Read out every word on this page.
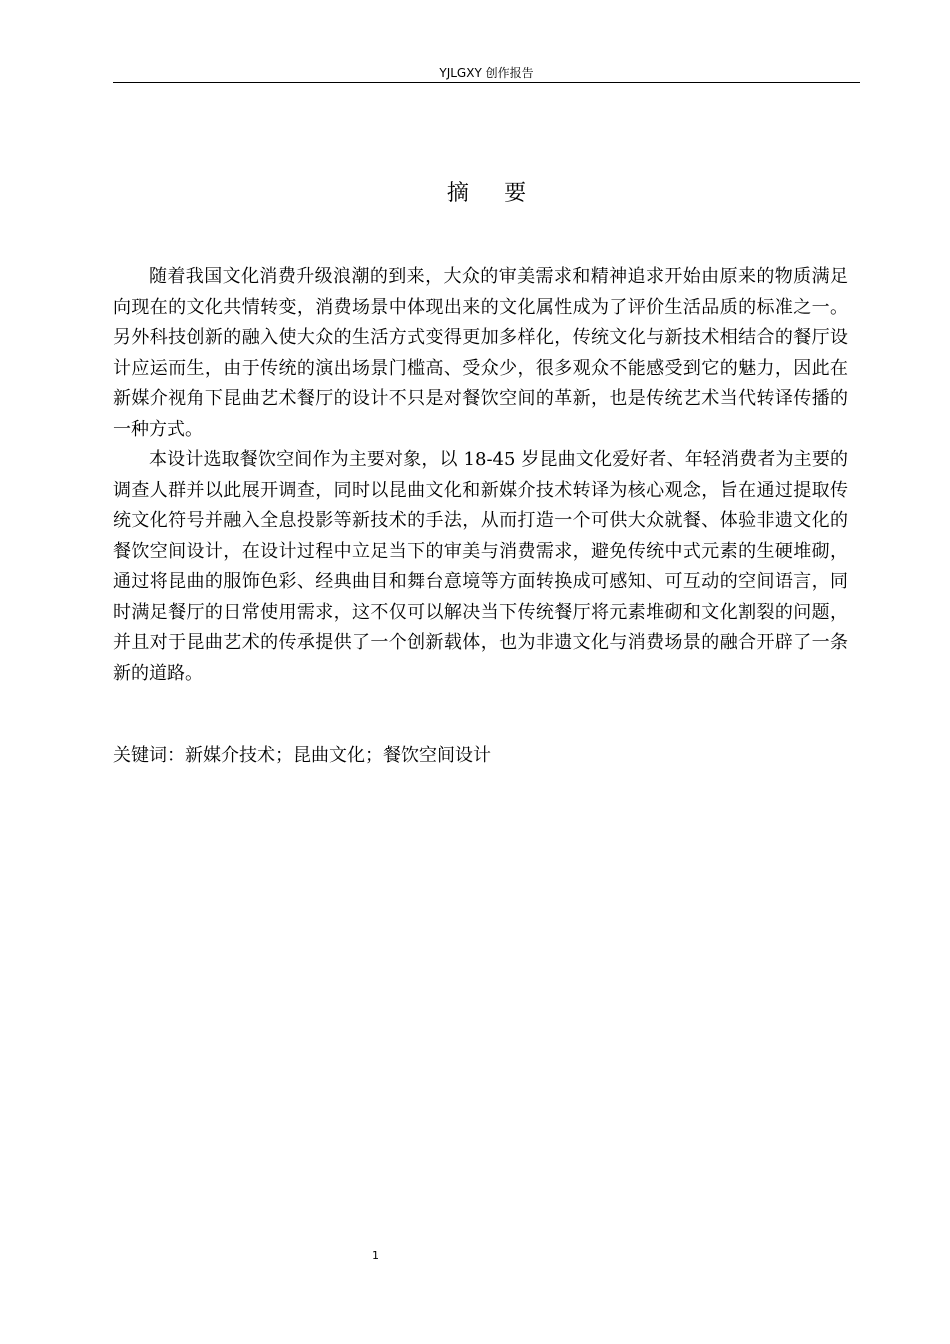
YJLGXY 创作报告
摘要

随着我国文化消费升级浪潮的到来，大众的审美需求和精神追求开始由原来的物质满足向现在的文化共情转变，消费场景中体现出来的文化属性成为了评价生活品质的标准之一。另外科技创新的融入使大众的生活方式变得更加多样化，传统文化与新技术相结合的餐厅设计应运而生，由于传统的演出场景门槛高、受众少，很多观众不能感受到它的魅力，因此在新媒介视角下昆曲艺术餐厅的设计不只是对餐饮空间的革新，也是传统艺术当代转译传播的一种方式。

本设计选取餐饮空间作为主要对象，以 18-45 岁昆曲文化爱好者、年轻消费者为主要的调查人群并以此展开调查，同时以昆曲文化和新媒介技术转译为核心观念，旨在通过提取传统文化符号并融入全息投影等新技术的手法，从而打造一个可供大众就餐、体验非遗文化的餐饮空间设计，在设计过程中立足当下的审美与消费需求，避免传统中式元素的生硬堆砌，通过将昆曲的服饰色彩、经典曲目和舞台意境等方面转换成可感知、可互动的空间语言，同时满足餐厅的日常使用需求，这不仅可以解决当下传统餐厅将元素堆砌和文化割裂的问题，并且对于昆曲艺术的传承提供了一个创新载体，也为非遗文化与消费场景的融合开辟了一条新的道路。

关键词：新媒介技术；昆曲文化；餐饮空间设计
1
